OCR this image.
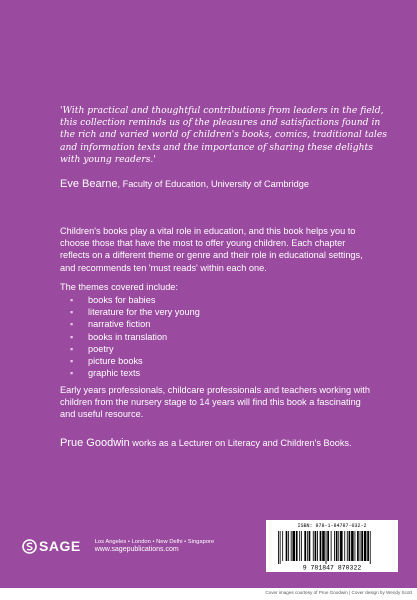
'With practical and thoughtful contributions from leaders in the field,
this collection reminds us of the pleasures and satisfactions found in
the rich and varied world of children's books, comics, traditional tales
and information texts and the importance of sharing these delights
with young readers.'
Eve Bearne, Faculty of Education, University of Cambridge
Children's books play a vital role in education, and this book helps you to
choose those that have the most to offer young children. Each chapter
reflects on a different theme or genre and their role in educational settings,
and recommends ten 'must reads' within each one.
The themes covered include:
▪ books for babies
▪ literature for the very young
▪ narrative fiction
▪ books in translation
▪ poetry
▪ picture books
▪ graphic texts
Early years professionals, childcare professionals and teachers working with
children from the nursery stage to 14 years will find this book a fascinating
and useful resource.
Prue Goodwin works as a Lecturer on Literacy and Children's Books.
SAGE Los Angeles • London • New Delhi • Singapore
www.sagepublications.com
ISBN: 978-1-84787-032-2
9 781847 870322
Cover images courtesy of Prue Goodwin | Cover design by Wendy Scott
